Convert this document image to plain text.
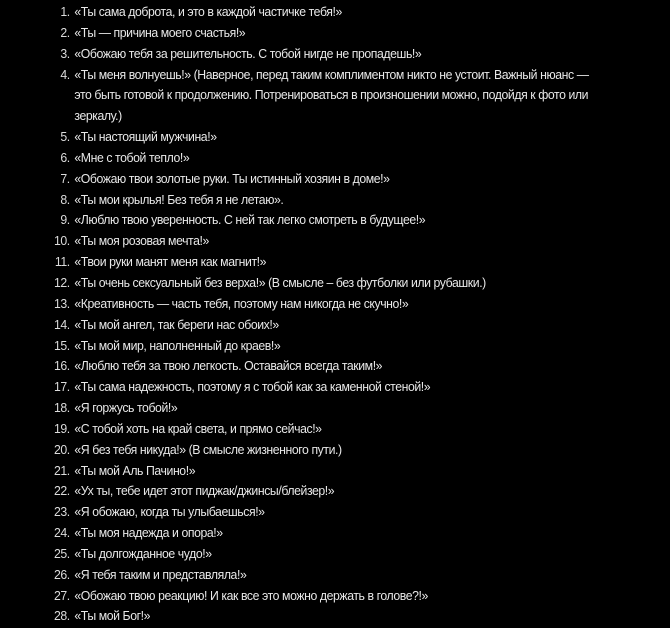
1. «Ты сама доброта, и это в каждой частичке тебя!»
2. «Ты — причина моего счастья!»
3. «Обожаю тебя за решительность. С тобой нигде не пропадешь!»
4. «Ты меня волнуешь!» (Наверное, перед таким комплиментом никто не устоит. Важный нюанс — это быть готовой к продолжению. Потренироваться в произношении можно, подойдя к фото или зеркалу.)
5. «Ты настоящий мужчина!»
6. «Мне с тобой тепло!»
7. «Обожаю твои золотые руки. Ты истинный хозяин в доме!»
8. «Ты мои крылья! Без тебя я не летаю».
9. «Люблю твою уверенность. С ней так легко смотреть в будущее!»
10. «Ты моя розовая мечта!»
11. «Твои руки манят меня как магнит!»
12. «Ты очень сексуальный без верха!» (В смысле – без футболки или рубашки.)
13. «Креативность — часть тебя, поэтому нам никогда не скучно!»
14. «Ты мой ангел, так береги нас обоих!»
15. «Ты мой мир, наполненный до краев!»
16. «Люблю тебя за твою легкость. Оставайся всегда таким!»
17. «Ты сама надежность, поэтому я с тобой как за каменной стеной!»
18. «Я горжусь тобой!»
19. «С тобой хоть на край света, и прямо сейчас!»
20. «Я без тебя никуда!» (В смысле жизненного пути.)
21. «Ты мой Аль Пачино!»
22. «Ух ты, тебе идет этот пиджак/джинсы/блейзер!»
23. «Я обожаю, когда ты улыбаешься!»
24. «Ты моя надежда и опора!»
25. «Ты долгожданное чудо!»
26. «Я тебя таким и представляла!»
27. «Обожаю твою реакцию! И как все это можно держать в голове?!»
28. «Ты мой Бог!»
